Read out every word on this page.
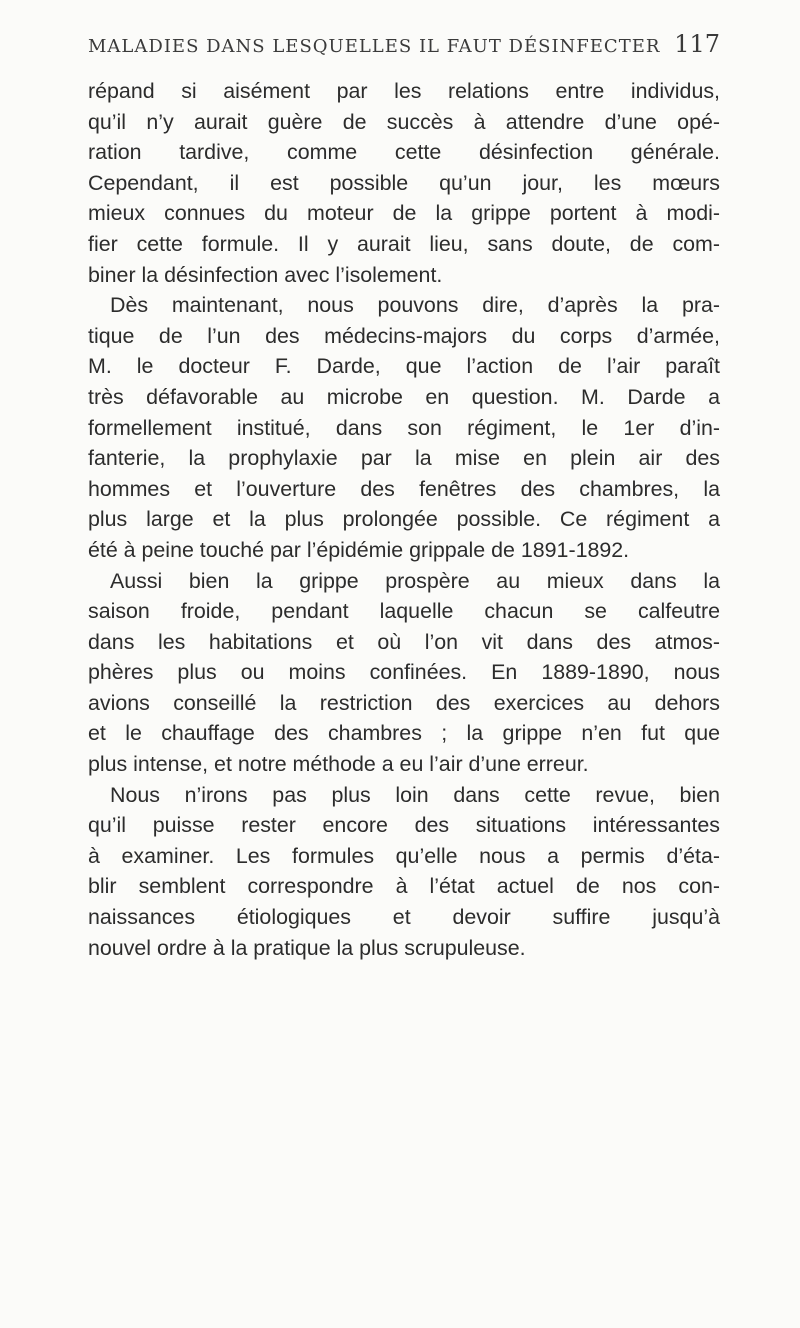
MALADIES DANS LESQUELLES IL FAUT DÉSINFECTER 117
répand si aisément par les relations entre individus,
qu’il n’y aurait guère de succès à attendre d’une opé-
ration tardive, comme cette désinfection générale.
Cependant, il est possible qu’un jour, les mœurs
mieux connues du moteur de la grippe portent à modi-
fier cette formule. Il y aurait lieu, sans doute, de com-
biner la désinfection avec l’isolement.
Dès maintenant, nous pouvons dire, d’après la pra-
tique de l’un des médecins-majors du corps d’armée,
M. le docteur F. Darde, que l’action de l’air paraît
très défavorable au microbe en question. M. Darde a
formellement institué, dans son régiment, le 1er d’in-
fanterie, la prophylaxie par la mise en plein air des
hommes et l’ouverture des fenêtres des chambres, la
plus large et la plus prolongée possible. Ce régiment a
été à peine touché par l’épidémie grippale de 1891-1892.
Aussi bien la grippe prospère au mieux dans la
saison froide, pendant laquelle chacun se calfeutre
dans les habitations et où l’on vit dans des atmos-
phères plus ou moins confinées. En 1889-1890, nous
avions conseillé la restriction des exercices au dehors
et le chauffage des chambres ; la grippe n’en fut que
plus intense, et notre méthode a eu l’air d’une erreur.
Nous n’irons pas plus loin dans cette revue, bien
qu’il puisse rester encore des situations intéressantes
à examiner. Les formules qu’elle nous a permis d’éta-
blir semblent correspondre à l’état actuel de nos con-
naissances étiologiques et devoir suffire jusqu’à
nouvel ordre à la pratique la plus scrupuleuse.
